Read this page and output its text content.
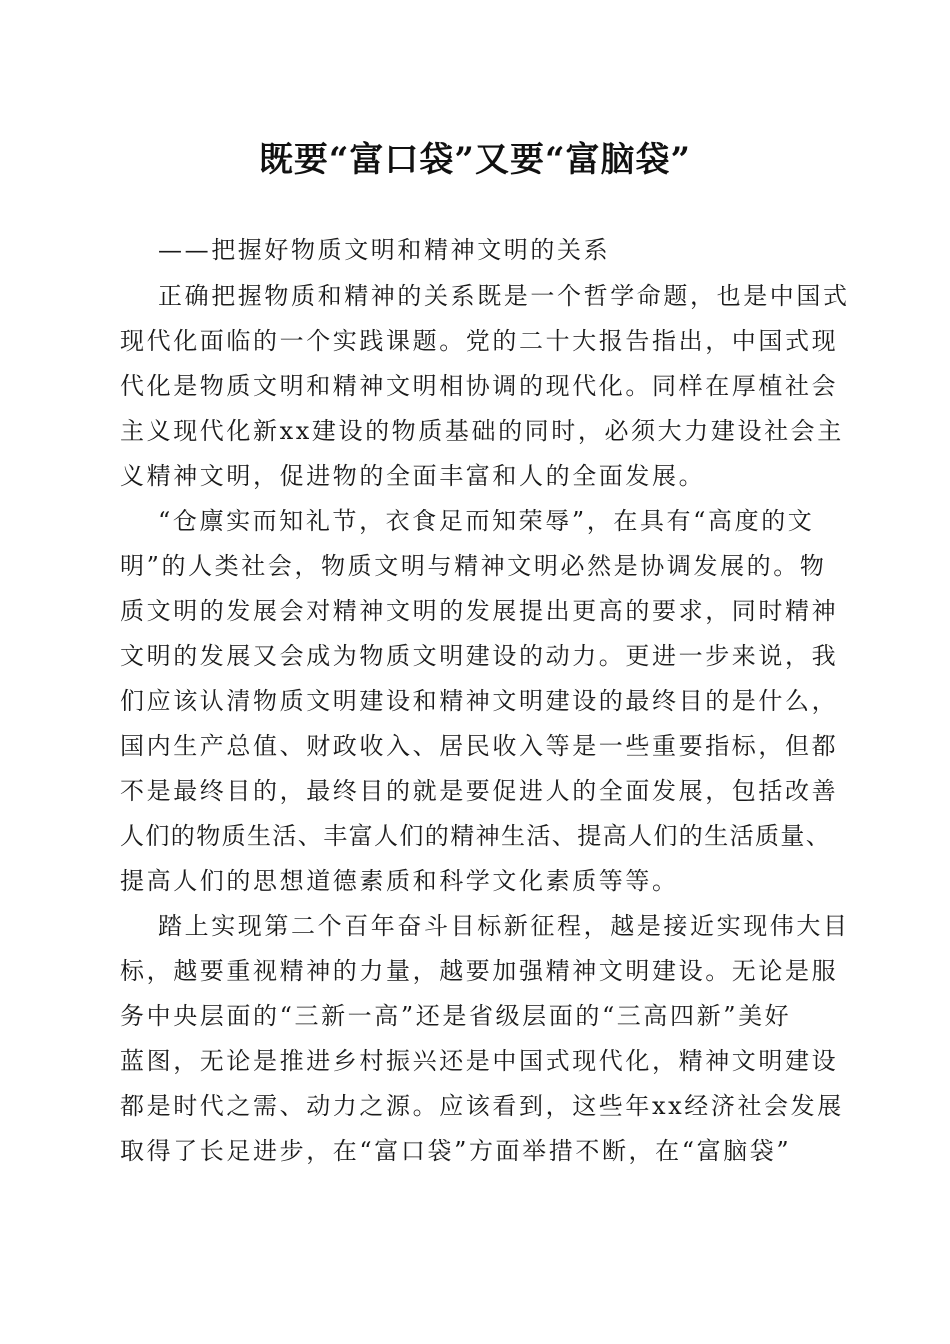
既要“富口袋”又要“富脑袋”

——把握好物质文明和精神文明的关系

正确把握物质和精神的关系既是一个哲学命题，也是中国式

现代化面临的一个实践课题。党的二十大报告指出，中国式现

代化是物质文明和精神文明相协调的现代化。同样在厚植社会

主义现代化新xx建设的物质基础的同时，必须大力建设社会主

义精神文明，促进物的全面丰富和人的全面发展。

“仓廪实而知礼节，衣食足而知荣辱”，在具有“高度的文

明”的人类社会，物质文明与精神文明必然是协调发展的。物

质文明的发展会对精神文明的发展提出更高的要求，同时精神

文明的发展又会成为物质文明建设的动力。更进一步来说，我

们应该认清物质文明建设和精神文明建设的最终目的是什么，

国内生产总值、财政收入、居民收入等是一些重要指标，但都

不是最终目的，最终目的就是要促进人的全面发展，包括改善

人们的物质生活、丰富人们的精神生活、提高人们的生活质量、

提高人们的思想道德素质和科学文化素质等等。

踏上实现第二个百年奋斗目标新征程，越是接近实现伟大目

标，越要重视精神的力量，越要加强精神文明建设。无论是服

务中央层面的“三新一高”还是省级层面的“三高四新”美好

蓝图，无论是推进乡村振兴还是中国式现代化，精神文明建设

都是时代之需、动力之源。应该看到，这些年xx经济社会发展

取得了长足进步，在“富口袋”方面举措不断，在“富脑袋”
